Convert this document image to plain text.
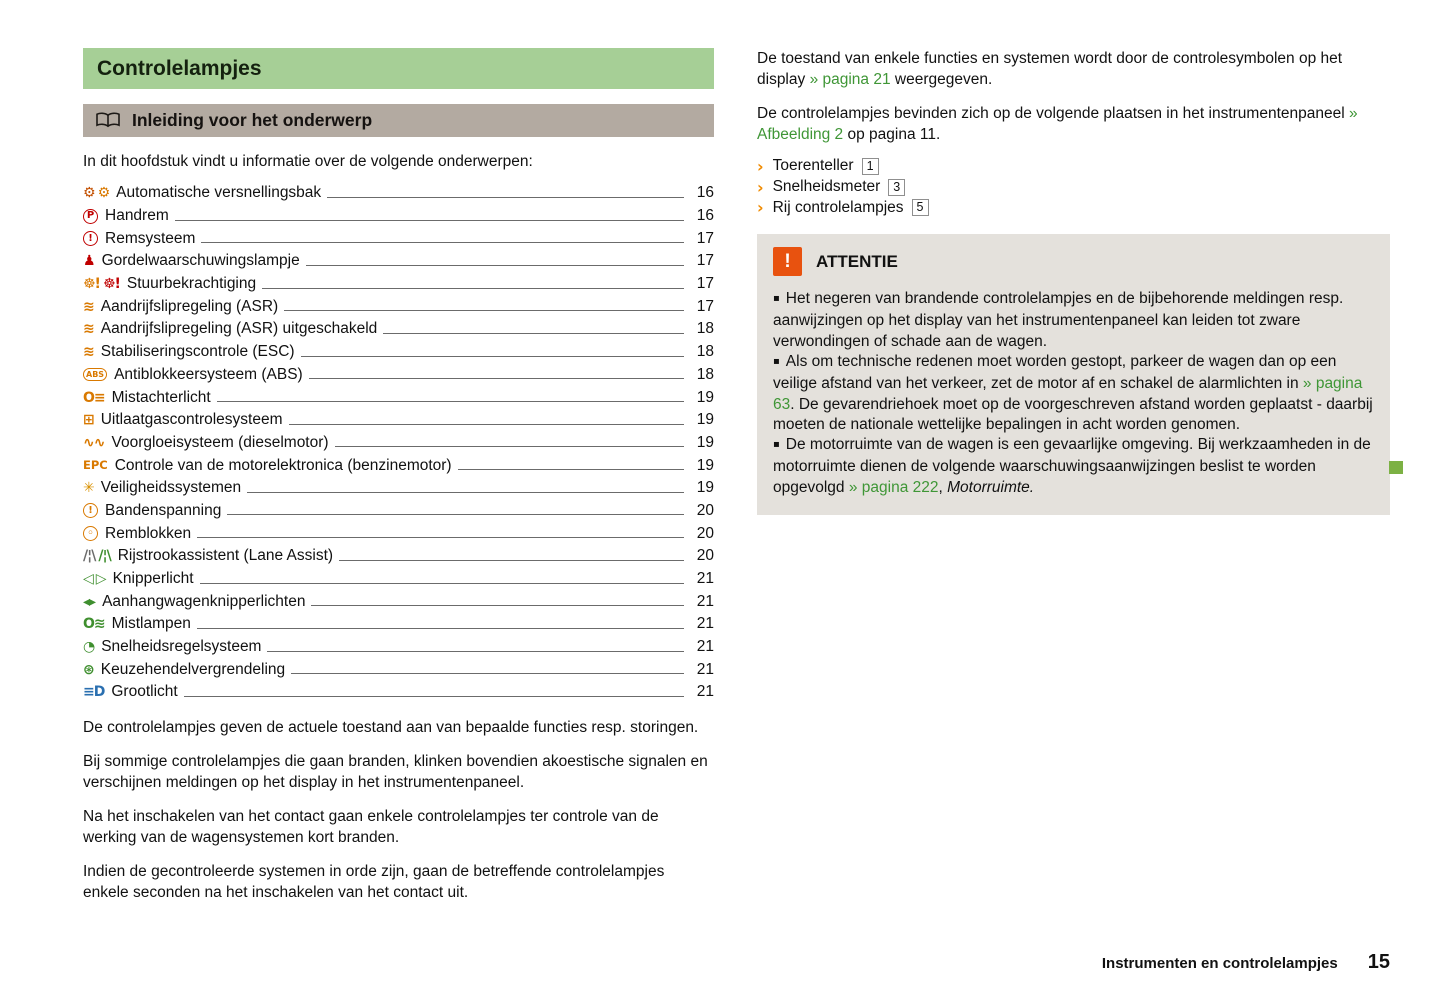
Controlelampjes
Inleiding voor het onderwerp

In dit hoofdstuk vindt u informatie over de volgende onderwerpen:

⚙ ⚙ Automatische versnellingsbak	16
P Handrem	16
! Remsysteem	17
♟ Gordelwaarschuwingslampje	17
☸! ☸! Stuurbekrachtiging	17
≋ Aandrijfslipregeling (ASR)	17
≋ Aandrijfslipregeling (ASR) uitgeschakeld	18
≋ Stabiliseringscontrole (ESC)	18
ABS Antiblokkeersysteem (ABS)	18
O≡ Mistachterlicht	19
⊞ Uitlaatgascontrolesysteem	19
∿∿ Voorgloeisysteem (dieselmotor)	19
EPC Controle van de motorelektronica (benzinemotor)	19
✳ Veiligheidssystemen	19
! Bandenspanning	20
◦ Remblokken	20
/¦\ /¦\ Rijstrookassistent (Lane Assist)	20
◁ ▷ Knipperlicht	21
◂▸ Aanhangwagenknipperlichten	21
O≋ Mistlampen	21
◔ Snelheidsregelsysteem	21
⊛ Keuzehendelvergrendeling	21
≡D Grootlicht	21

De controlelampjes geven de actuele toestand aan van bepaalde functies resp. storingen.

Bij sommige controlelampjes die gaan branden, klinken bovendien akoestische signalen en verschijnen meldingen op het display in het instrumentenpaneel.

Na het inschakelen van het contact gaan enkele controlelampjes ter controle van de werking van de wagensystemen kort branden.

Indien de gecontroleerde systemen in orde zijn, gaan de betreffende controlelampjes enkele seconden na het inschakelen van het contact uit.

De toestand van enkele functies en systemen wordt door de controlesymbolen op het display » pagina 21 weergegeven.

De controlelampjes bevinden zich op de volgende plaatsen in het instrumentenpaneel » Afbeelding 2 op pagina 11.

› Toerenteller	1
› Snelheidsmeter	3
› Rij controlelampjes	5
!	ATTENTIE

▪ Het negeren van brandende controlelampjes en de bijbehorende meldingen resp. aanwijzingen op het display van het instrumentenpaneel kan leiden tot zware verwondingen of schade aan de wagen.

▪ Als om technische redenen moet worden gestopt, parkeer de wagen dan op een veilige afstand van het verkeer, zet de motor af en schakel de alarmlichten in » pagina 63. De gevarendriehoek moet op de voorgeschreven afstand worden geplaatst - daarbij moeten de nationale wettelijke bepalingen in acht worden genomen.

▪ De motorruimte van de wagen is een gevaarlijke omgeving. Bij werkzaamheden in de motorruimte dienen de volgende waarschuwingsaanwijzingen beslist te worden opgevolgd » pagina 222, Motorruimte.

Instrumenten en controlelampjes 15
